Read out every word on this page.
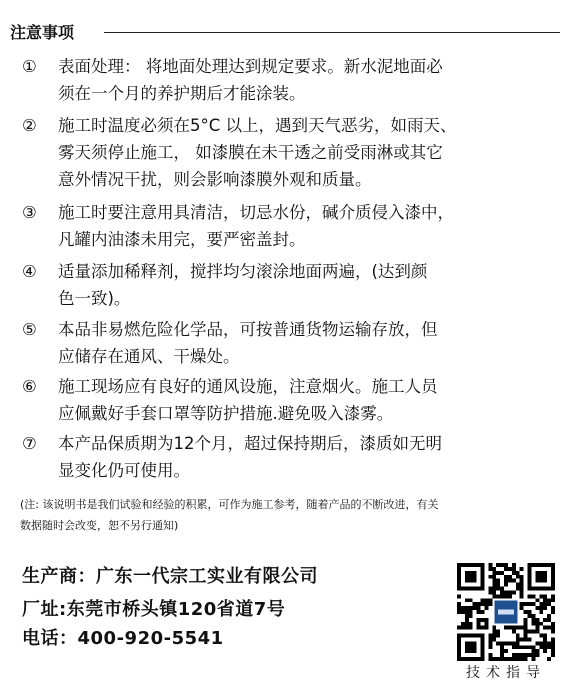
注意事项
①	表面处理： 将地面处理达到规定要求。新水泥地面必
须在一个月的养护期后才能涂装。
②	施工时温度必须在5°C 以上，遇到天气恶劣，如雨天、
雾天须停止施工， 如漆膜在未干透之前受雨淋或其它
意外情况干扰，则会影响漆膜外观和质量。
③	施工时要注意用具清洁，切忌水份，碱介质侵入漆中，
凡罐内油漆未用完，要严密盖封。
④	适量添加稀释剂，搅拌均匀滚涂地面两遍，(达到颜
色一致)。
⑤	本品非易燃危险化学品，可按普通货物运输存放，但
应储存在通风、干燥处。
⑥	施工现场应有良好的通风设施，注意烟火。施工人员
应佩戴好手套口罩等防护措施.避免吸入漆雾。
⑦	本产品保质期为12个月，超过保持期后，漆质如无明
显变化仍可使用。
(注: 该说明书是我们试验和经验的积累，可作为施工参考，随着产品的不断改进，有关
数据随时会改变，恕不另行通知)
生产商：广东一代宗工实业有限公司
厂址:东莞市桥头镇120省道7号
电话：400-920-5541
技术指导
